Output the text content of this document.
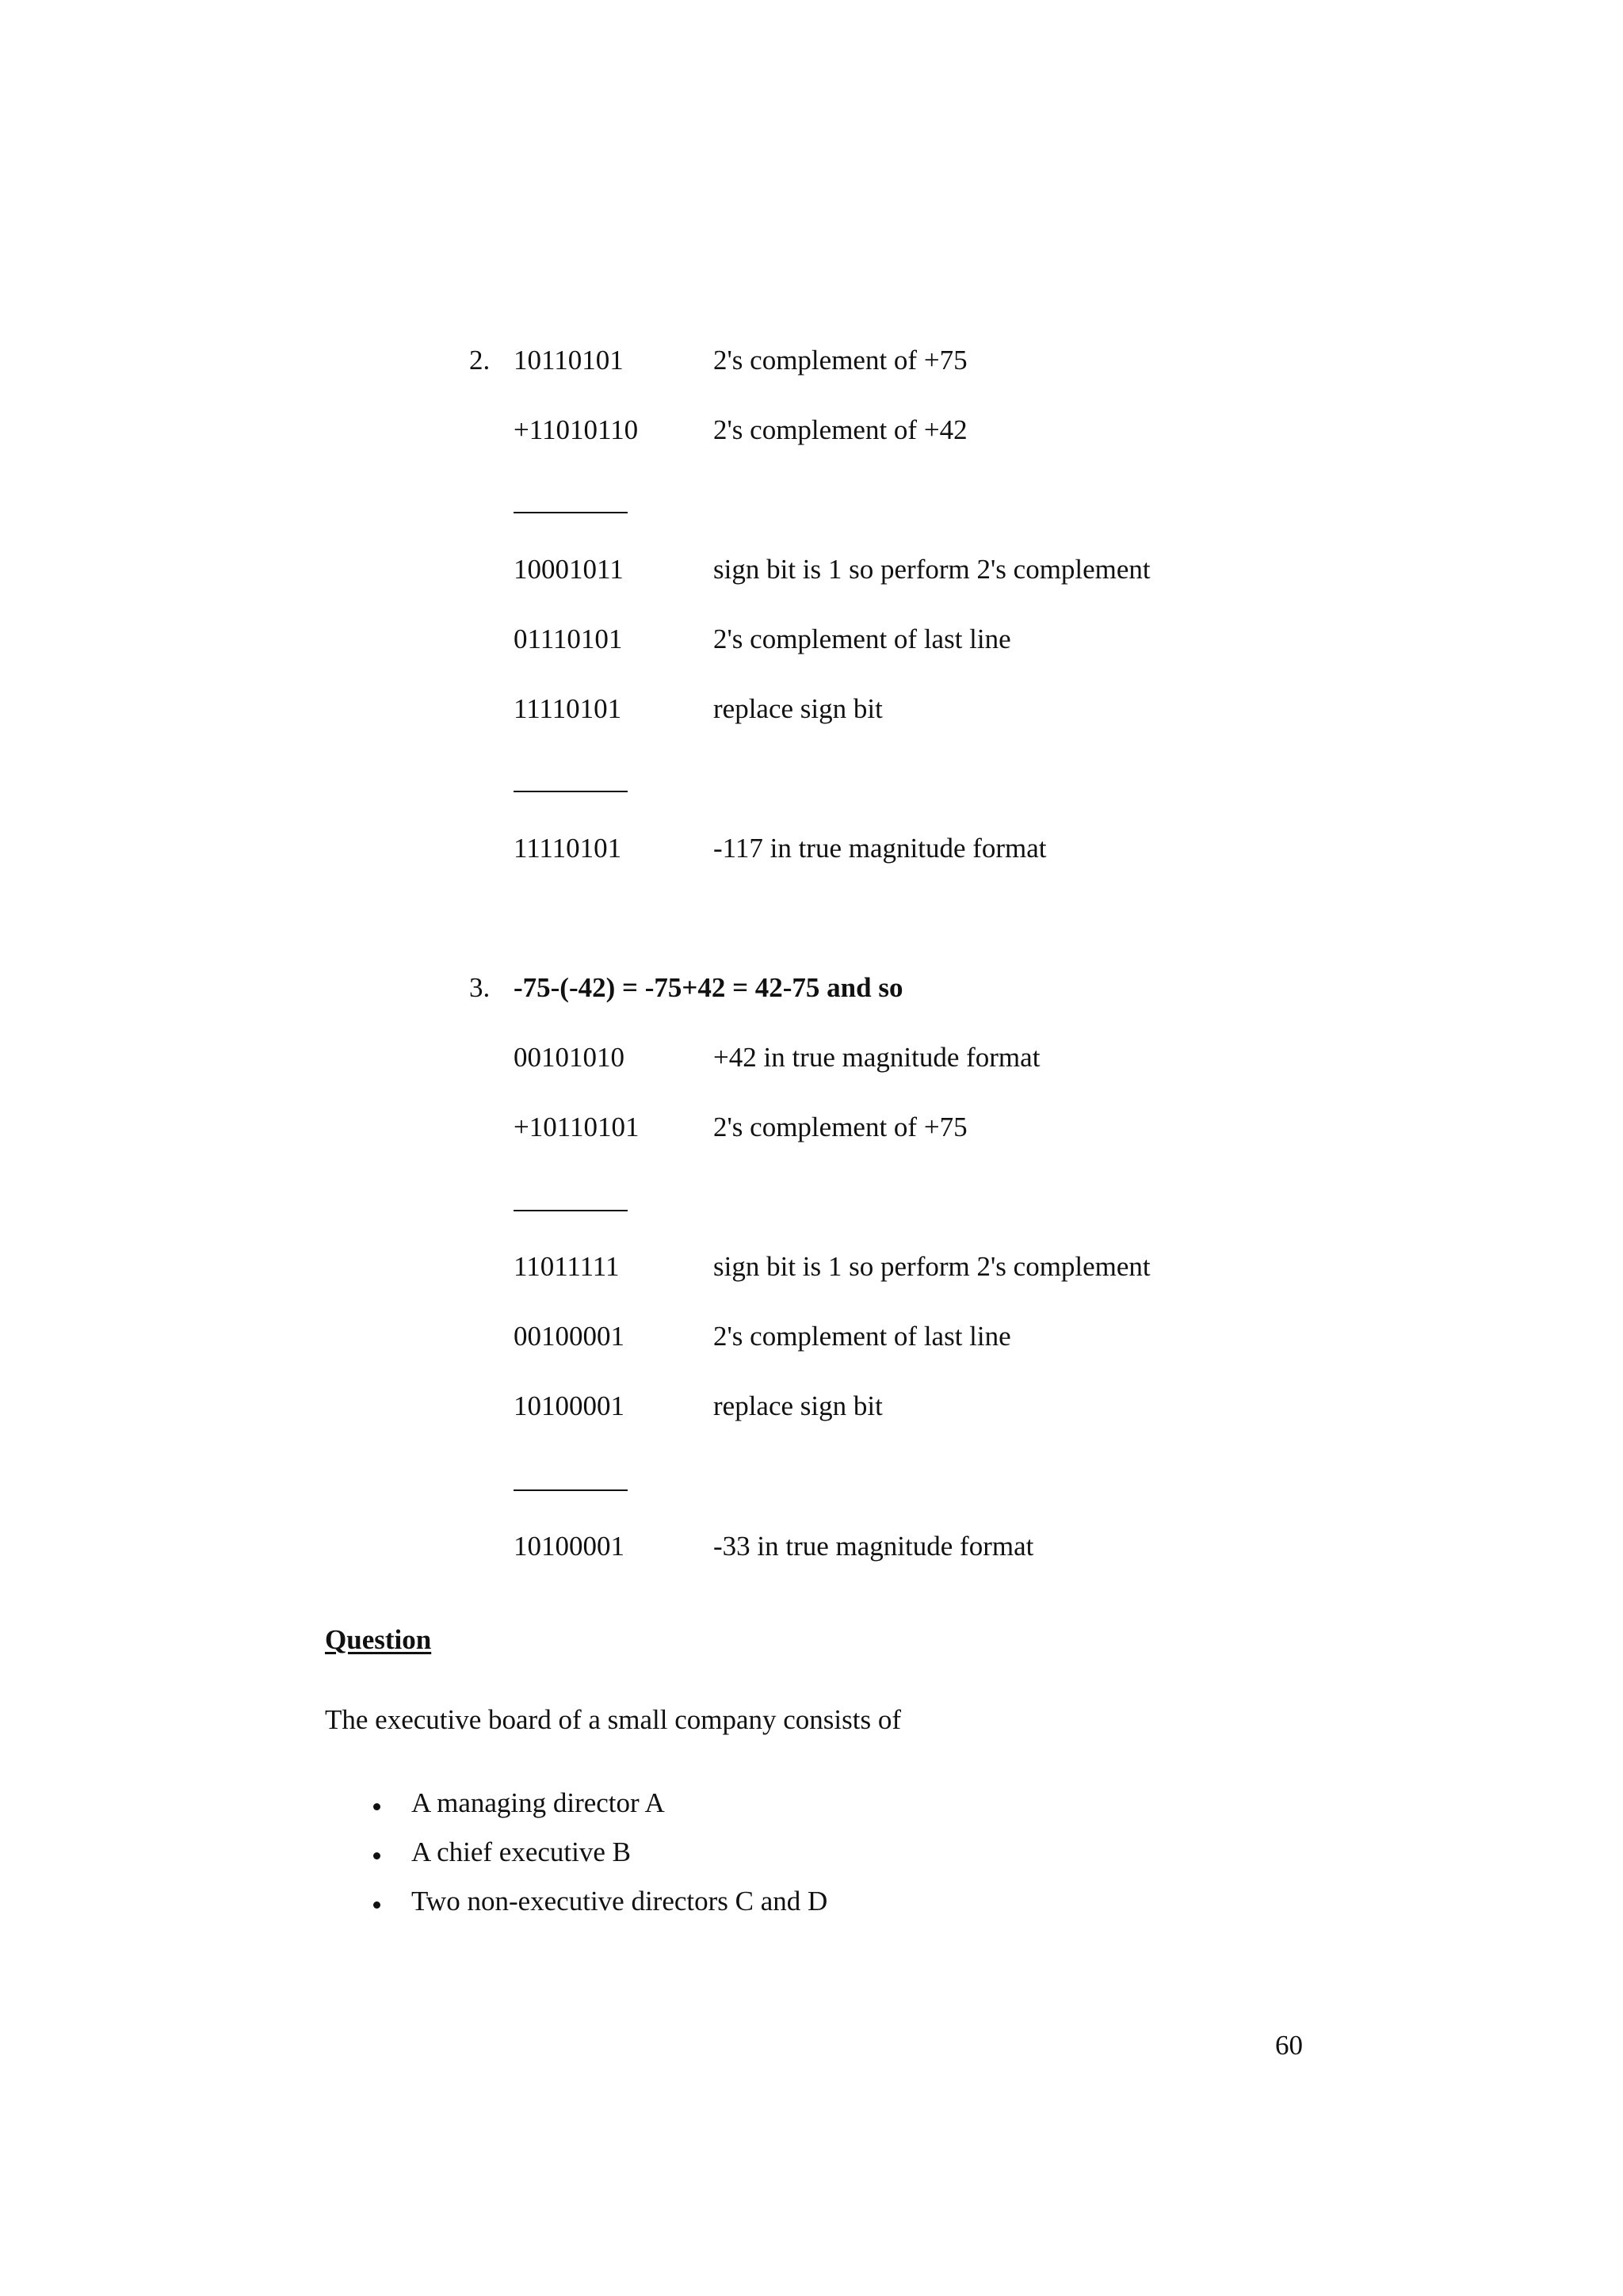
2. 10110101	2's complement of +75
+11010110	2's complement of +42
10001011	sign bit is 1 so perform 2's complement
01110101	2's complement of last line
11110101	replace sign bit
11110101	-117 in true magnitude format
3. -75-(-42) = -75+42 = 42-75 and so
00101010	+42 in true magnitude format
+10110101	2's complement of +75
11011111	sign bit is 1 so perform 2's complement
00100001	2's complement of last line
10100001	replace sign bit
10100001	-33 in true magnitude format
Question
The executive board of a small company consists of
A managing director A
A chief executive B
Two non-executive directors C and D
60
